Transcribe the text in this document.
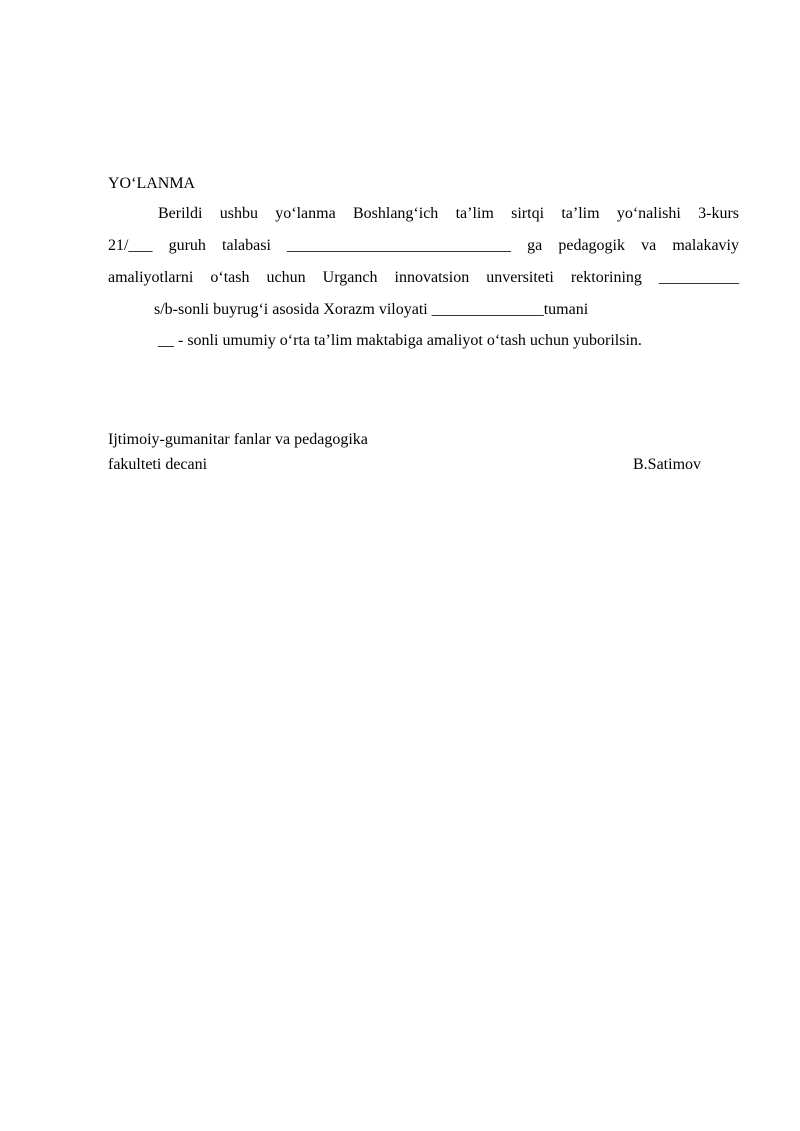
YO‘LANMA
Berildi ushbu yo‘lanma Boshlang‘ich ta’lim sirtqi ta’lim yo‘nalishi 3-kurs
21/___ guruh talabasi ____________________________ ga pedagogik va malakaviy
amaliyotlarni o‘tash uchun Urganch innovatsion unversiteti rektorining __________
s/b-sonli buyrug‘i asosida Xorazm viloyati ______________tumani
__ - sonli umumiy o‘rta ta’lim maktabiga amaliyot o‘tash uchun yuborilsin.
Ijtimoiy-gumanitar fanlar va pedagogika
fakulteti decani	B.Satimov
